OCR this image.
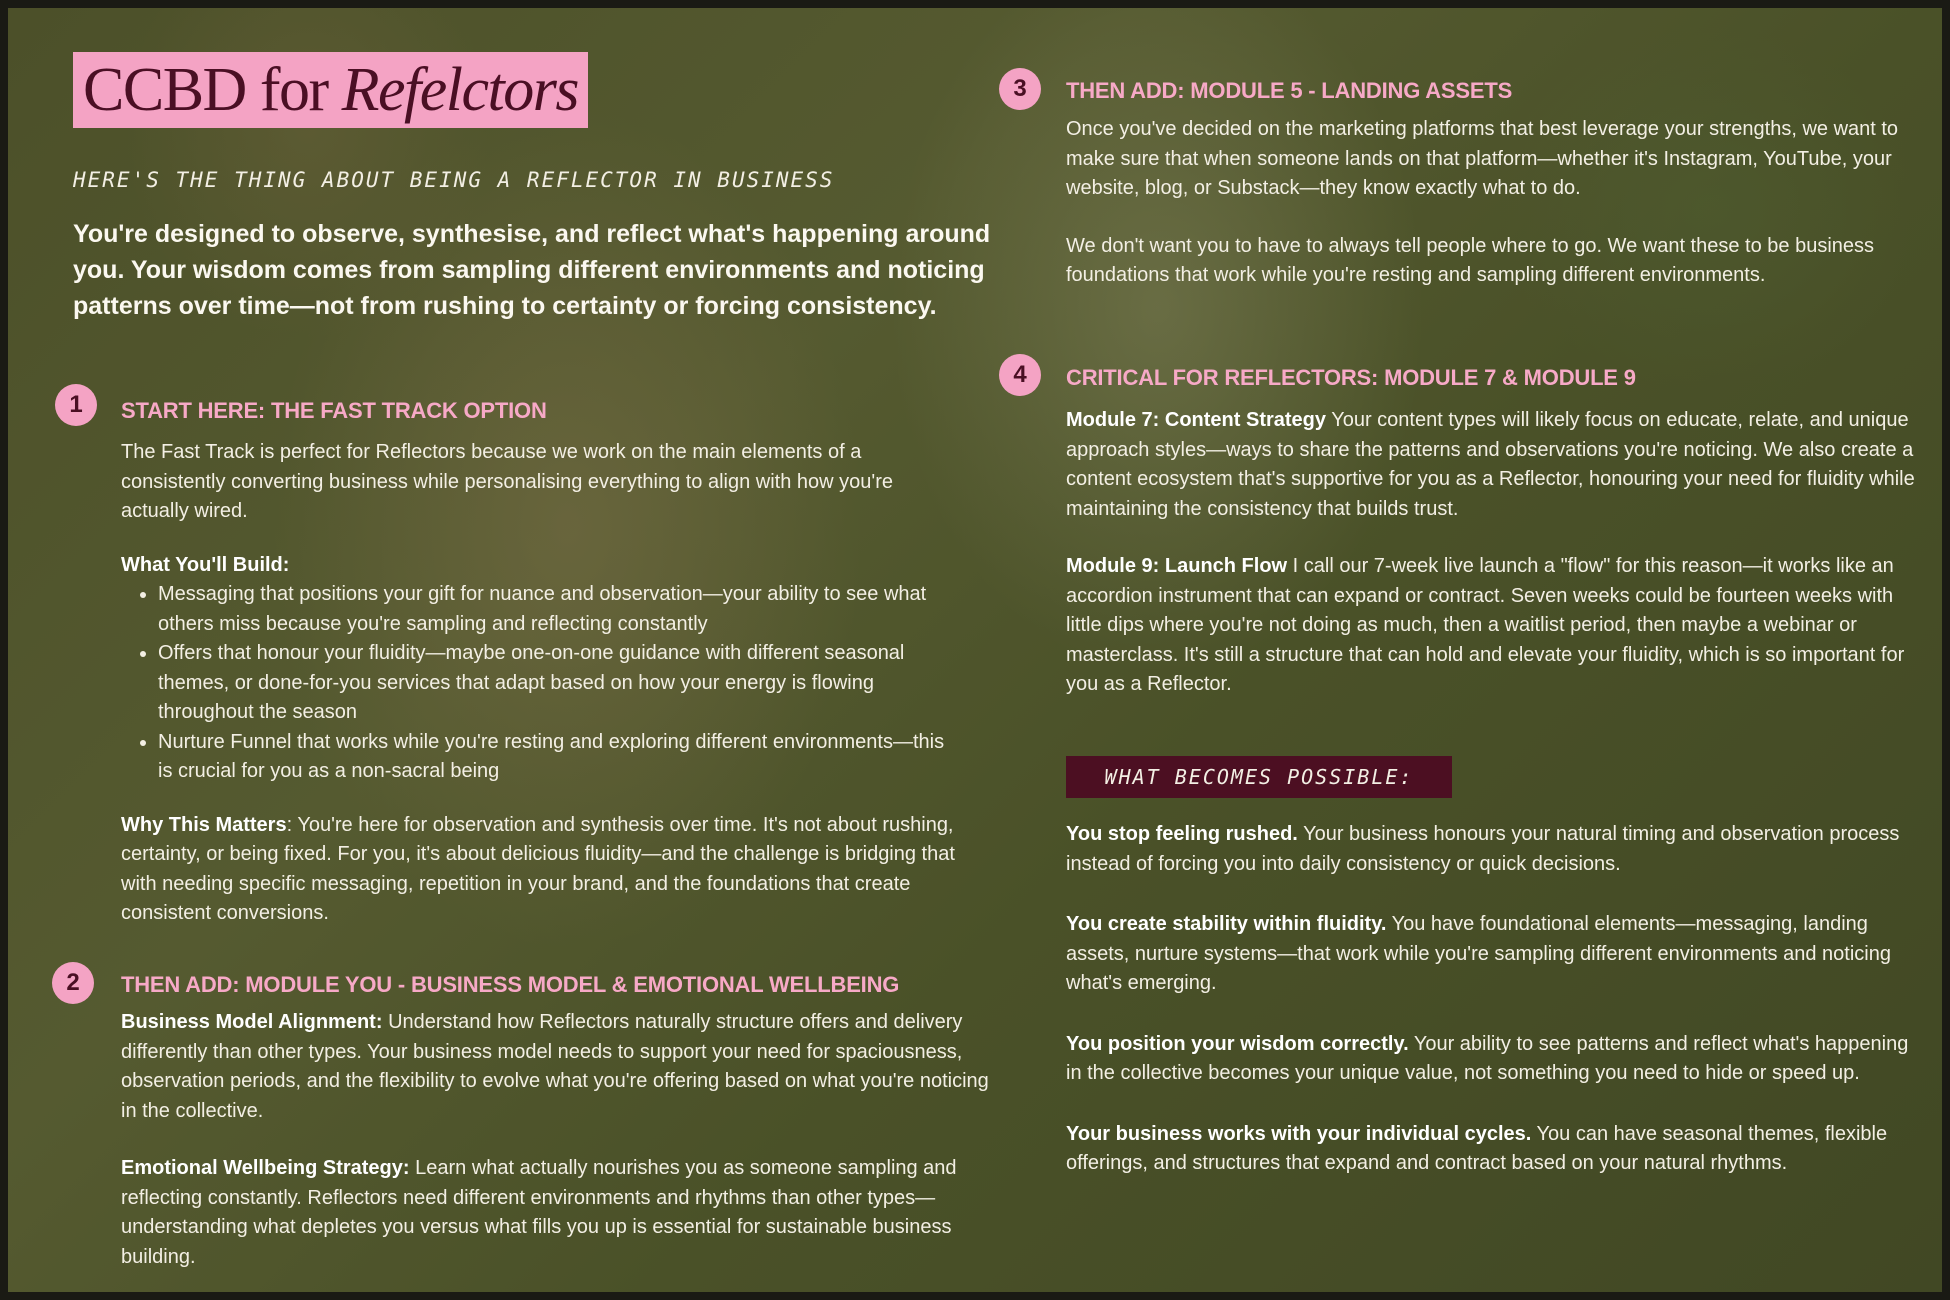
CCBD for Refelctors
HERE'S THE THING ABOUT BEING A REFLECTOR IN BUSINESS
You're designed to observe, synthesise, and reflect what's happening around you. Your wisdom comes from sampling different environments and noticing patterns over time—not from rushing to certainty or forcing consistency.
1	START HERE: THE FAST TRACK OPTION

The Fast Track is perfect for Reflectors because we work on the main elements of a consistently converting business while personalising everything to align with how you're actually wired.

What You'll Build:

• Messaging that positions your gift for nuance and observation—your ability to see what others miss because you're sampling and reflecting constantly
• Offers that honour your fluidity—maybe one-on-one guidance with different seasonal themes, or done-for-you services that adapt based on how your energy is flowing throughout the season
• Nurture Funnel that works while you're resting and exploring different environments—this is crucial for you as a non-sacral being

Why This Matters: You're here for observation and synthesis over time. It's not about rushing, certainty, or being fixed. For you, it's about delicious fluidity—and the challenge is bridging that with needing specific messaging, repetition in your brand, and the foundations that create consistent conversions.

2	THEN ADD: MODULE YOU - BUSINESS MODEL & EMOTIONAL WELLBEING

Business Model Alignment: Understand how Reflectors naturally structure offers and delivery differently than other types. Your business model needs to support your need for spaciousness, observation periods, and the flexibility to evolve what you're offering based on what you're noticing in the collective.

Emotional Wellbeing Strategy: Learn what actually nourishes you as someone sampling and reflecting constantly. Reflectors need different environments and rhythms than other types—understanding what depletes you versus what fills you up is essential for sustainable business building.

3	THEN ADD: MODULE 5 - LANDING ASSETS

Once you've decided on the marketing platforms that best leverage your strengths, we want to make sure that when someone lands on that platform—whether it's Instagram, YouTube, your website, blog, or Substack—they know exactly what to do.

We don't want you to have to always tell people where to go. We want these to be business foundations that work while you're resting and sampling different environments.

4	CRITICAL FOR REFLECTORS: MODULE 7 & MODULE 9

Module 7: Content Strategy Your content types will likely focus on educate, relate, and unique approach styles—ways to share the patterns and observations you're noticing. We also create a content ecosystem that's supportive for you as a Reflector, honouring your need for fluidity while maintaining the consistency that builds trust.

Module 9: Launch Flow I call our 7-week live launch a "flow" for this reason—it works like an accordion instrument that can expand or contract. Seven weeks could be fourteen weeks with little dips where you're not doing as much, then a waitlist period, then maybe a webinar or masterclass. It's still a structure that can hold and elevate your fluidity, which is so important for you as a Reflector.

WHAT BECOMES POSSIBLE:

You stop feeling rushed. Your business honours your natural timing and observation process instead of forcing you into daily consistency or quick decisions.

You create stability within fluidity. You have foundational elements—messaging, landing assets, nurture systems—that work while you're sampling different environments and noticing what's emerging.

You position your wisdom correctly. Your ability to see patterns and reflect what's happening in the collective becomes your unique value, not something you need to hide or speed up.

Your business works with your individual cycles. You can have seasonal themes, flexible offerings, and structures that expand and contract based on your natural rhythms.
